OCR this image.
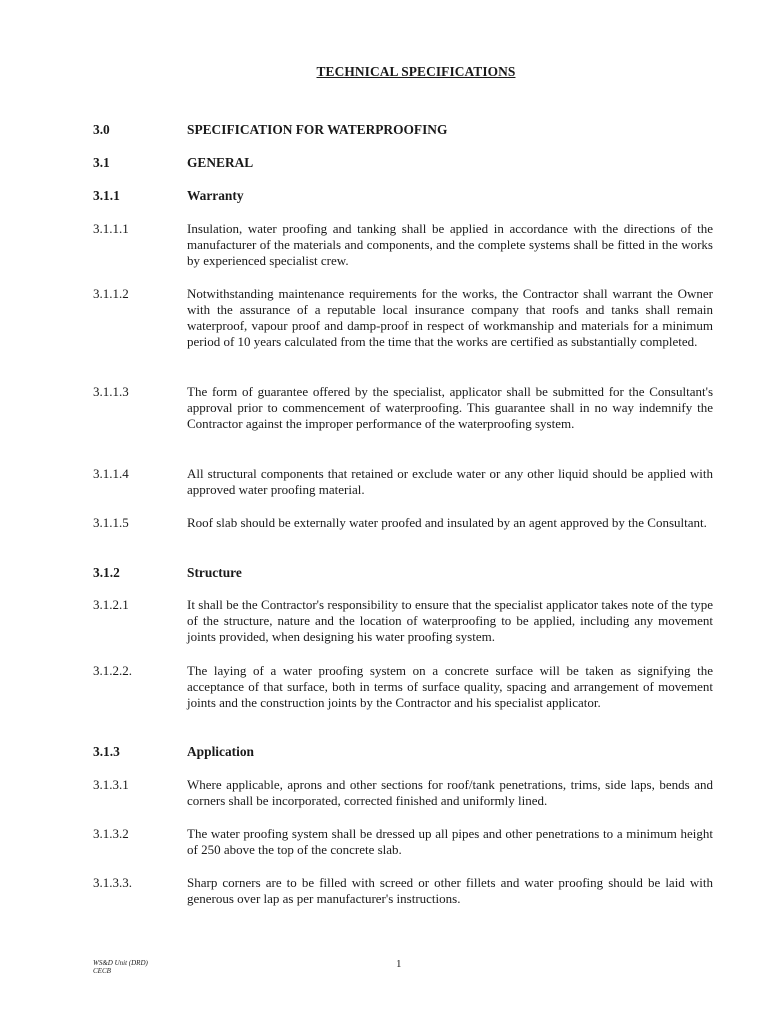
TECHNICAL SPECIFICATIONS
3.0	SPECIFICATION FOR WATERPROOFING
3.1	GENERAL
3.1.1	Warranty
3.1.1.1	Insulation, water proofing and tanking shall be applied in accordance with the directions of the manufacturer of the materials and components, and the complete systems shall be fitted in the works by experienced specialist crew.
3.1.1.2	Notwithstanding maintenance requirements for the works, the Contractor shall warrant the Owner with the assurance of a reputable local insurance company that roofs and tanks shall remain waterproof, vapour proof and damp-proof in respect of workmanship and materials for a minimum period of 10 years calculated from the time that the works are certified as substantially completed.
3.1.1.3	The form of guarantee offered by the specialist, applicator shall be submitted for the Consultant's approval prior to commencement of waterproofing. This guarantee shall in no way indemnify the Contractor against the improper performance of the waterproofing system.
3.1.1.4	All structural components that retained or exclude water or any other liquid should be applied with approved water proofing material.
3.1.1.5	Roof slab should be externally water proofed and insulated by an agent approved by the Consultant.
3.1.2	Structure
3.1.2.1	It shall be the Contractor's responsibility to ensure that the specialist applicator takes note of the type of the structure, nature and the location of waterproofing to be applied, including any movement joints provided, when designing his water proofing system.
3.1.2.2.	The laying of a water proofing system on a concrete surface will be taken as signifying the acceptance of that surface, both in terms of surface quality, spacing and arrangement of movement joints and the construction joints by the Contractor and his specialist applicator.
3.1.3	Application
3.1.3.1	Where applicable, aprons and other sections for roof/tank penetrations, trims, side laps, bends and corners shall be incorporated, corrected finished and uniformly lined.
3.1.3.2	The water proofing system shall be dressed up all pipes and other penetrations to a minimum height of 250 above the top of the concrete slab.
3.1.3.3.	Sharp corners are to be filled with screed or other fillets and water proofing should be laid with generous over lap as per manufacturer's instructions.
WS&D Unit (DRD)
CECB
1
